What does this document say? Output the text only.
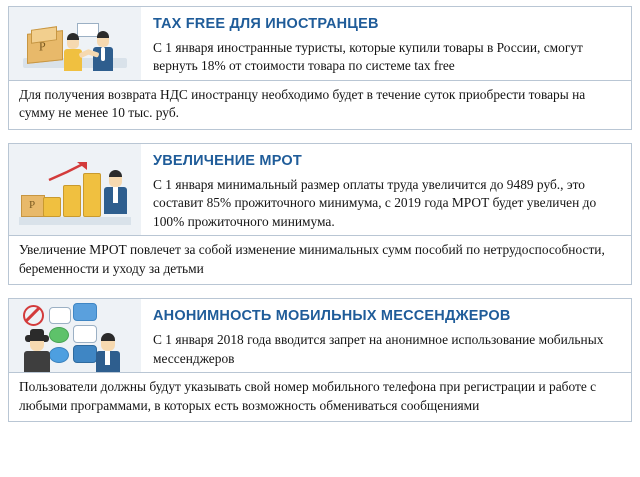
P
TAX FREE ДЛЯ ИНОСТРАНЦЕВ
С 1 января иностранные туристы, которые купили товары в России, смогут вернуть 18% от стоимости товара по системе tax free
Для получения возврата НДС иностранцу необходимо будет в течение суток приобрести товары на сумму не менее 10 тыс. руб.
P
УВЕЛИЧЕНИЕ МРОТ
С 1 января минимальный размер оплаты труда увеличится до 9489 руб., это составит 85% прожиточного минимума, с 2019 года МРОТ будет увеличен до 100% прожиточного минимума.
Увеличение МРОТ повлечет за собой изменение минимальных сумм пособий по нетрудоспособности, беременности и уходу за детьми
АНОНИМНОСТЬ МОБИЛЬНЫХ МЕССЕНДЖЕРОВ
С 1 января 2018 года вводится запрет на анонимное использование мобильных мессенджеров
Пользователи должны будут указывать свой номер мобильного телефона при регистрации и работе с любыми программами, в которых есть возможность обмениваться сообщениями
